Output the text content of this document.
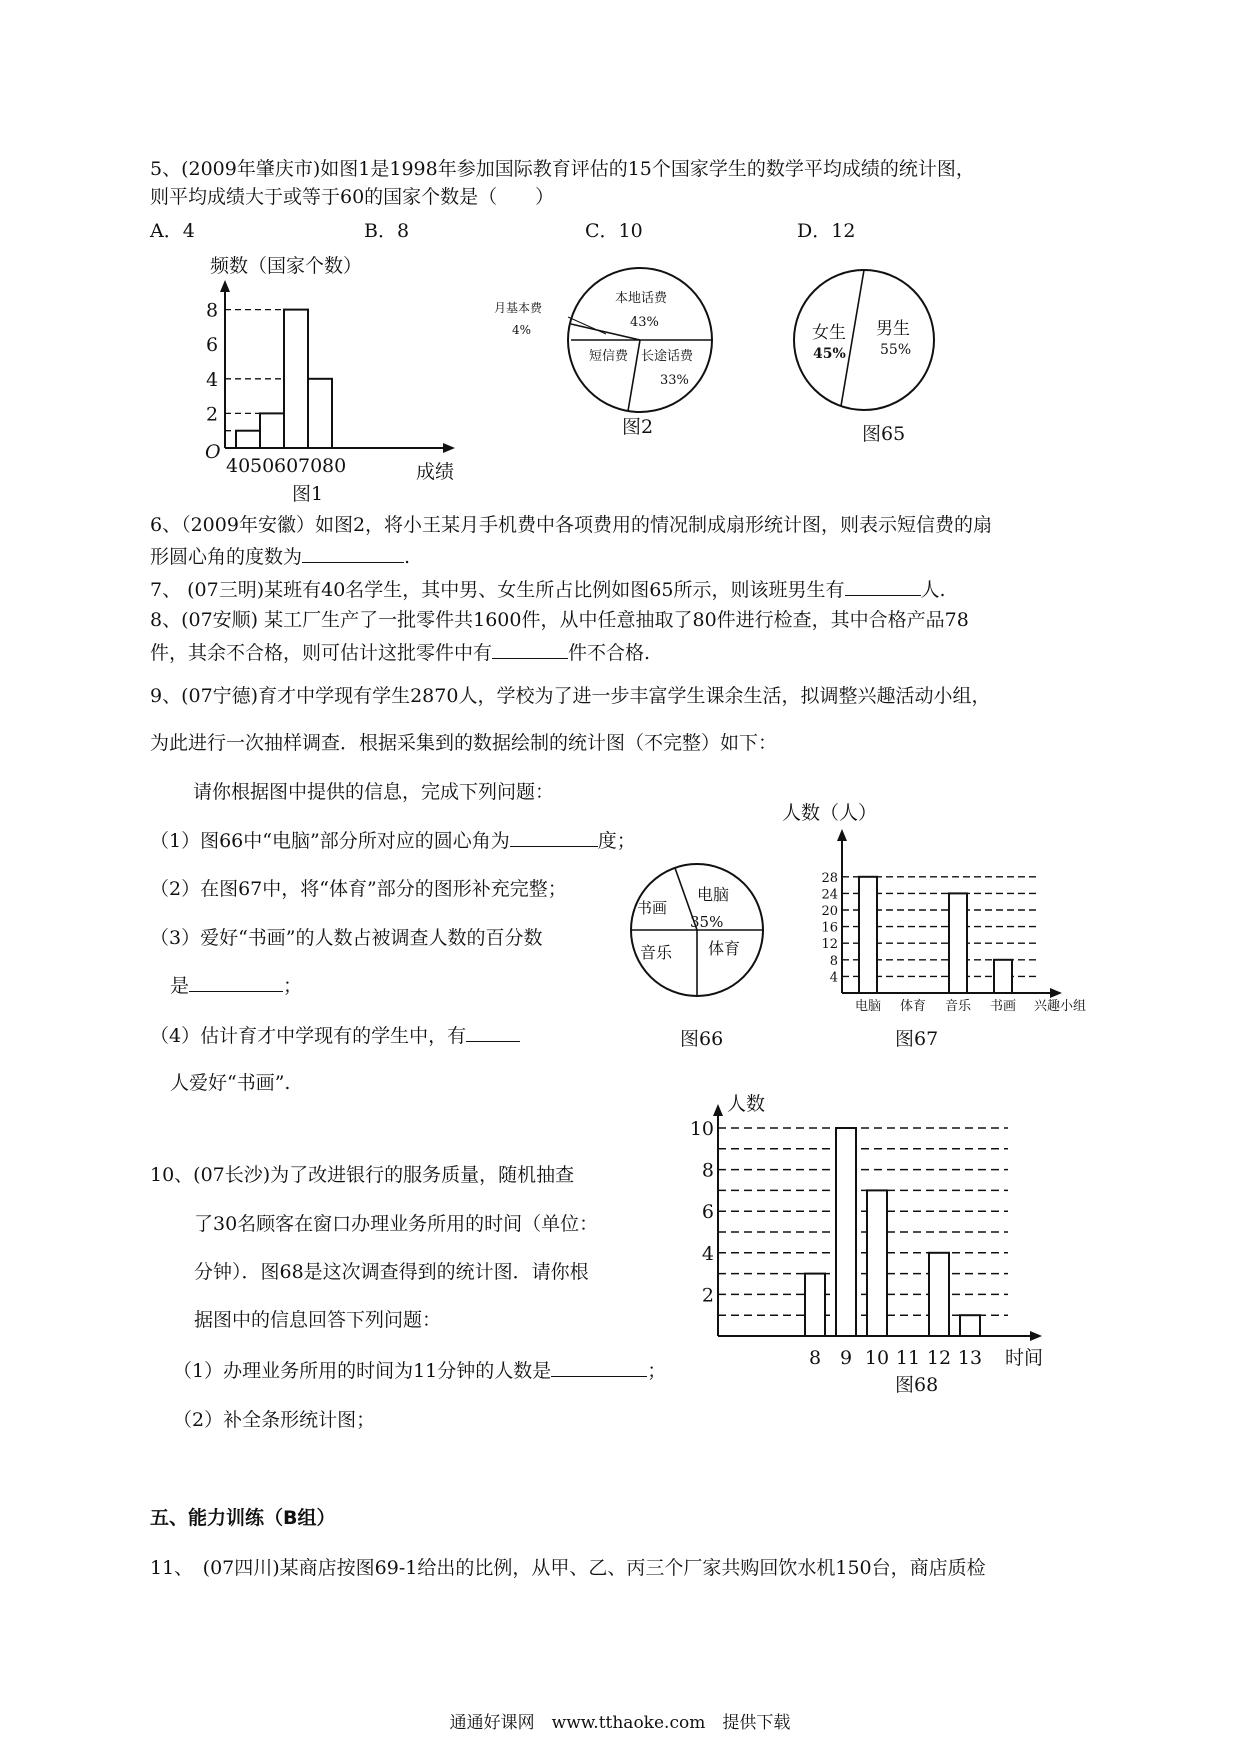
5、(2009年肇庆市)如图1是1998年参加国际教育评估的15个国家学生的数学平均成绩的统计图，
则平均成绩大于或等于60的国家个数是（　　）
A．4	B．8	C．10	D．12
频数（国家个数）
2
4
6
8
40 50 60 70 80
O
成绩
图1
本地话费
43%
月基本费
4%
短信费 长途话费
33%
图2
女生
45%
男生
55%
图65
6、（2009年安徽）如图2，将小王某月手机费中各项费用的情况制成扇形统计图，则表示短信费的扇
形圆心角的度数为	.
7、 (07三明)某班有40名学生，其中男、女生所占比例如图65所示，则该班男生有	人.
8、(07安顺) 某工厂生产了一批零件共1600件，从中任意抽取了80件进行检查，其中合格产品78
件，其余不合格，则可估计这批零件中有	件不合格.
9、(07宁德)育才中学现有学生2870人，学校为了进一步丰富学生课余生活，拟调整兴趣活动小组，
为此进行一次抽样调查．根据采集到的数据绘制的统计图（不完整）如下：
请你根据图中提供的信息，完成下列问题：
（1）图66中“电脑”部分所对应的圆心角为	度；
（2）在图67中，将“体育”部分的图形补充完整；
（3）爱好“书画”的人数占被调查人数的百分数
是	；
（4）估计育才中学现有的学生中，有
人爱好“书画”.
电脑
35%
书画
音乐 体育
图66
人数（人）
4
8
12
16
20
24
28
电脑 体育 音乐 书画 兴趣小组
图67
10、(07长沙)为了改进银行的服务质量，随机抽查
了30名顾客在窗口办理业务所用的时间（单位：
分钟）．图68是这次调查得到的统计图．请你根
据图中的信息回答下列问题：
（1）办理业务所用的时间为11分钟的人数是	；
（2）补全条形统计图；
人数
2
4
6
8
10
8 9 10 11 12 13 时间
图68
五、能力训练（B组）
11、　(07四川)某商店按图69-1给出的比例，从甲、乙、丙三个厂家共购回饮水机150台，商店质检
通通好课网　www.tthaoke.com　提供下载
